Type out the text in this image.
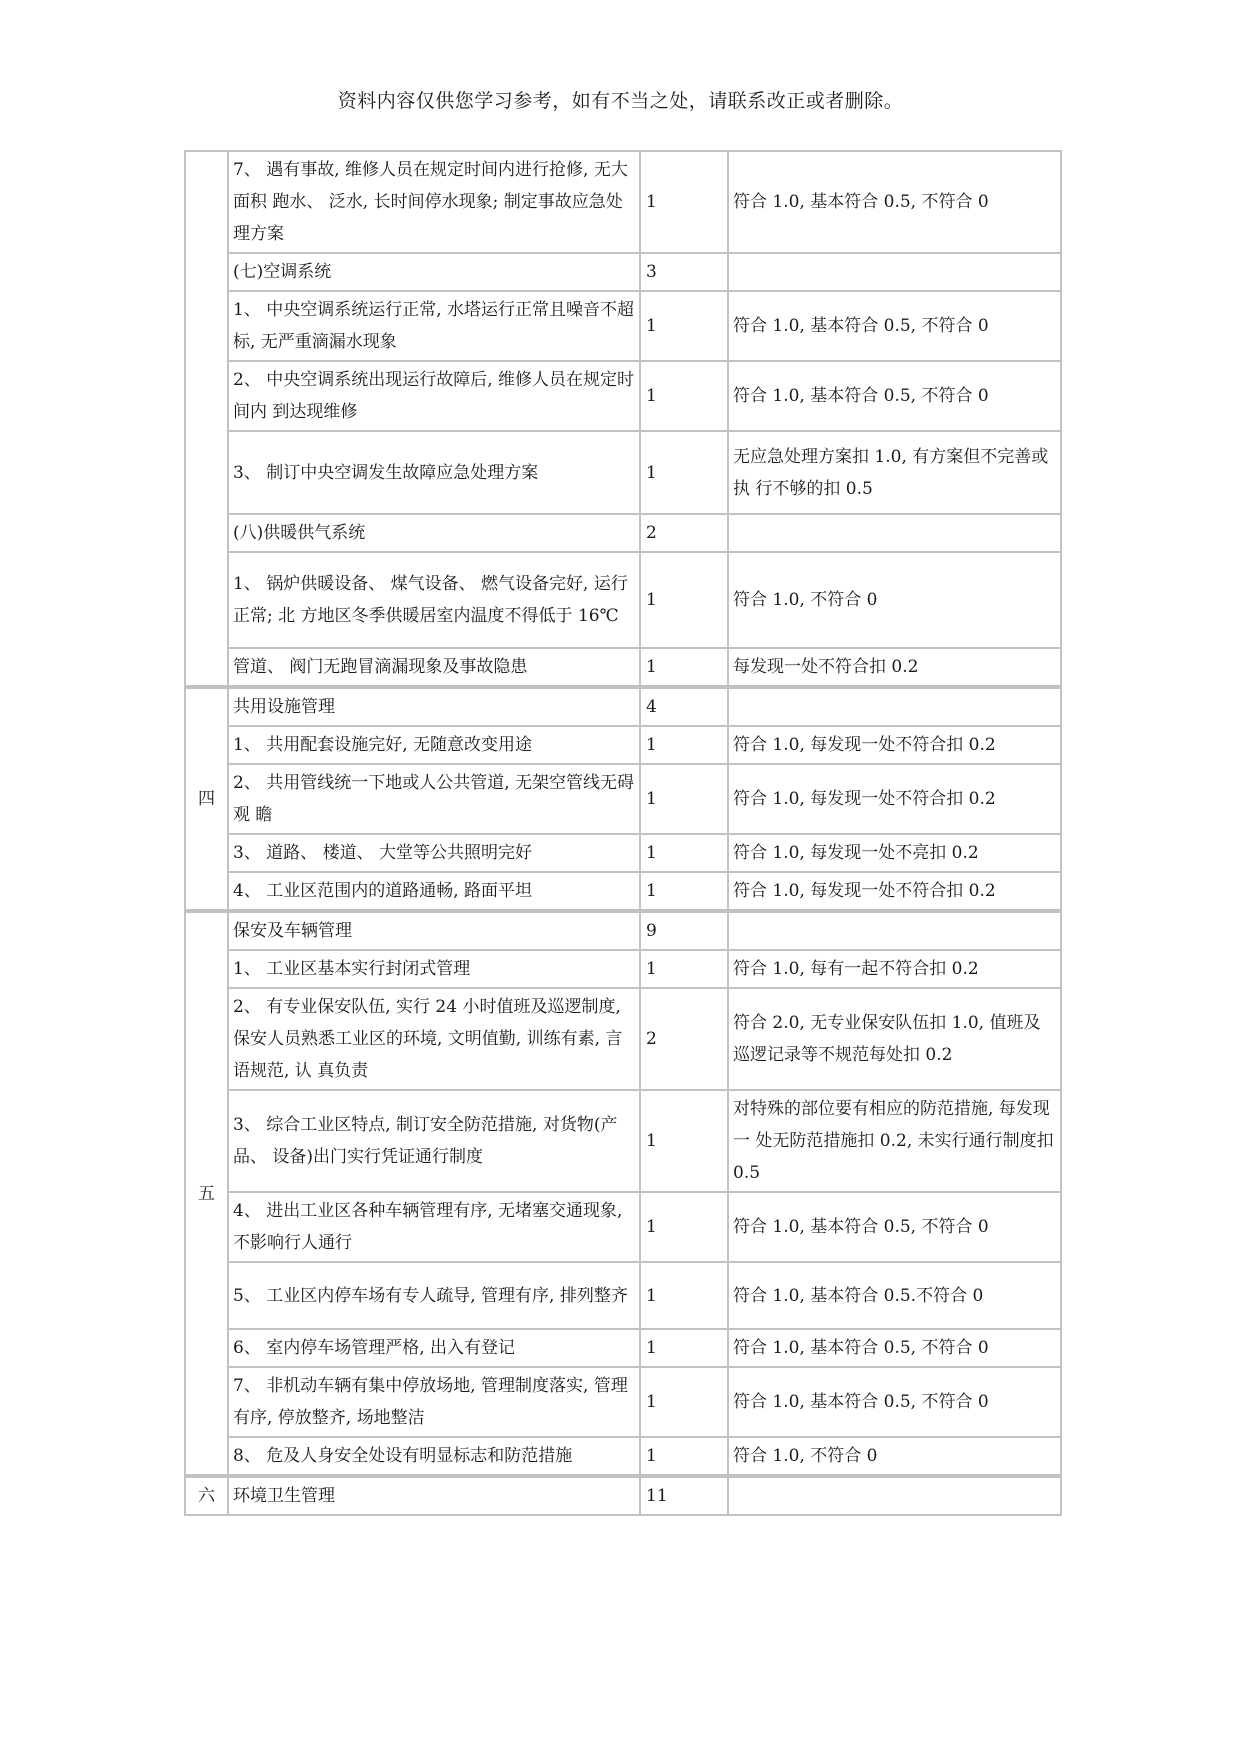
资料内容仅供您学习参考，如有不当之处，请联系改正或者删除。
	7、 遇有事故, 维修人员在规定时间内进行抢修, 无大面积 跑水、 泛水, 长时间停水现象; 制定事故应急处理方案	1	符合 1.0, 基本符合 0.5, 不符合 0
	(七)空调系统	3	
	1、 中央空调系统运行正常, 水塔运行正常且噪音不超标, 无严重滴漏水现象	1	符合 1.0, 基本符合 0.5, 不符合 0
	2、 中央空调系统出现运行故障后, 维修人员在规定时间内 到达现维修	1	符合 1.0, 基本符合 0.5, 不符合 0
	3、 制订中央空调发生故障应急处理方案	1	无应急处理方案扣 1.0, 有方案但不完善或执 行不够的扣 0.5
	(八)供暖供气系统	2	
	1、 锅炉供暖设备、 煤气设备、 燃气设备完好, 运行正常; 北 方地区冬季供暖居室内温度不得低于 16℃	1	符合 1.0, 不符合 0
	管道、 阀门无跑冒滴漏现象及事故隐患	1	每发现一处不符合扣 0.2
四	共用设施管理	4	
	1、 共用配套设施完好, 无随意改变用途	1	符合 1.0, 每发现一处不符合扣 0.2
	2、 共用管线统一下地或人公共管道, 无架空管线无碍观 瞻	1	符合 1.0, 每发现一处不符合扣 0.2
	3、 道路、 楼道、 大堂等公共照明完好	1	符合 1.0, 每发现一处不亮扣 0.2
	4、 工业区范围内的道路通畅, 路面平坦	1	符合 1.0, 每发现一处不符合扣 0.2
五	保安及车辆管理	9	
	1、 工业区基本实行封闭式管理	1	符合 1.0, 每有一起不符合扣 0.2
	2、 有专业保安队伍, 实行 24 小时值班及巡逻制度, 保安人员熟悉工业区的环境, 文明值勤, 训练有素, 言语规范, 认 真负责	2	符合 2.0, 无专业保安队伍扣 1.0, 值班及巡逻记录等不规范每处扣 0.2
	3、 综合工业区特点, 制订安全防范措施, 对货物(产品、 设备)出门实行凭证通行制度	1	对特殊的部位要有相应的防范措施, 每发现一 处无防范措施扣 0.2, 未实行通行制度扣 0.5
	4、 进出工业区各种车辆管理有序, 无堵塞交通现象, 不影响行人通行	1	符合 1.0, 基本符合 0.5, 不符合 0
	5、 工业区内停车场有专人疏导, 管理有序, 排列整齐	1	符合 1.0, 基本符合 0.5.不符合 0
	6、 室内停车场管理严格, 出入有登记	1	符合 1.0, 基本符合 0.5, 不符合 0
	7、 非机动车辆有集中停放场地, 管理制度落实, 管理有序, 停放整齐, 场地整洁	1	符合 1.0, 基本符合 0.5, 不符合 0
	8、 危及人身安全处设有明显标志和防范措施	1	符合 1.0, 不符合 0
六	环境卫生管理	11	
